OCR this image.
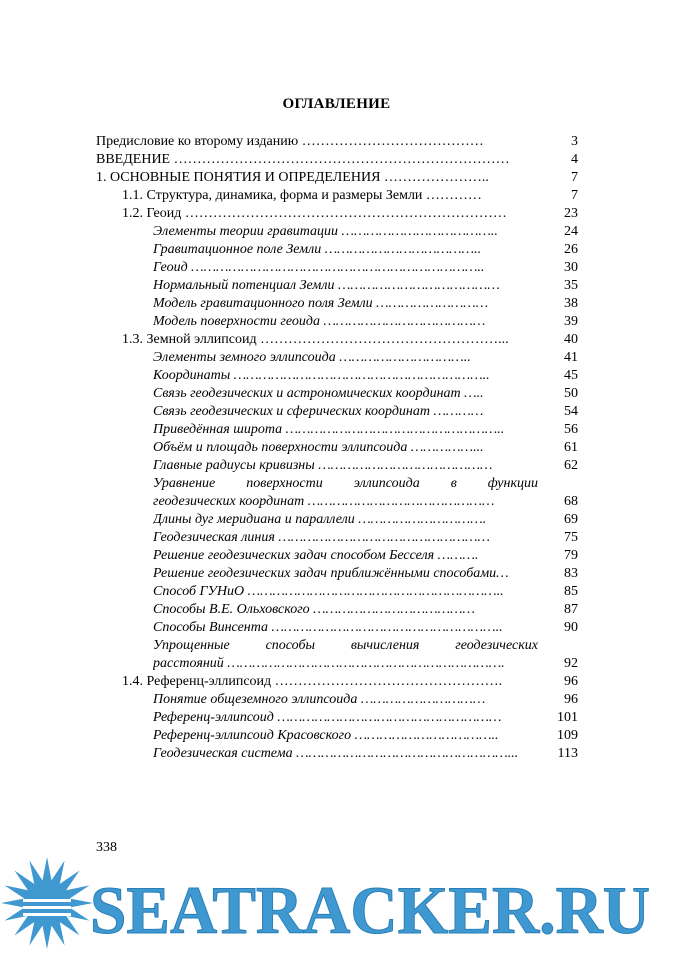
ОГЛАВЛЕНИЕ
Предисловие ко второму изданию …………………………………	3
ВВЕДЕНИЕ ………………………………………………………………	4
1. ОСНОВНЫЕ ПОНЯТИЯ И ОПРЕДЕЛЕНИЯ …………………..	7
1.1. Структура, динамика, форма и размеры Земли …………	7
1.2. Геоид ……………………………………………………………	23
Элементы теории гравитации ………………………………..	24
Гравитационное поле Земли ………………………………..	26
Геоид ……………………………………………………………..	30
Нормальный потенциал Земли …………………………………	35
Модель гравитационного поля Земли ………………………	38
Модель поверхности геоида …………………………………	39
1.3. Земной эллипсоид ……………………………………………...	40
Элементы земного эллипсоида …………………………..	41
Координаты ……………………………………………………..	45
Связь геодезических и астрономических координат …..	50
Связь геодезических и сферических координат …………	54
Приведённая широта ……………………………………………..	56
Объём и площадь поверхности эллипсоида ……………...	61
Главные радиусы кривизны ……………………………………	62
Уравнение поверхности эллипсоида в функции
геодезических координат ………………………………………	68
Длины дуг меридиана и параллели ………………………….	69
Геодезическая линия ……………………………………………	75
Решение геодезических задач способом Бесселя ……….	79
Решение геодезических задач приближёнными способами…	83
Способ ГУНиО ……………………………………………………..	85
Способы В.Е. Ольховского …………………………………	87
Способы Винсента ………………………………………………..	90
Упрощенные способы вычисления геодезических
расстояний ………………………………………………………….	92
1.4. Референц-эллипсоид ………………………………………….	96
Понятие общеземного эллипсоида …………………………	96
Референц-эллипсоид ………………………………………………	101
Референц-эллипсоид Красовского ……………………………..	109
Геодезическая система ……………………………………………...	113
338
SEATRACKER.RU
